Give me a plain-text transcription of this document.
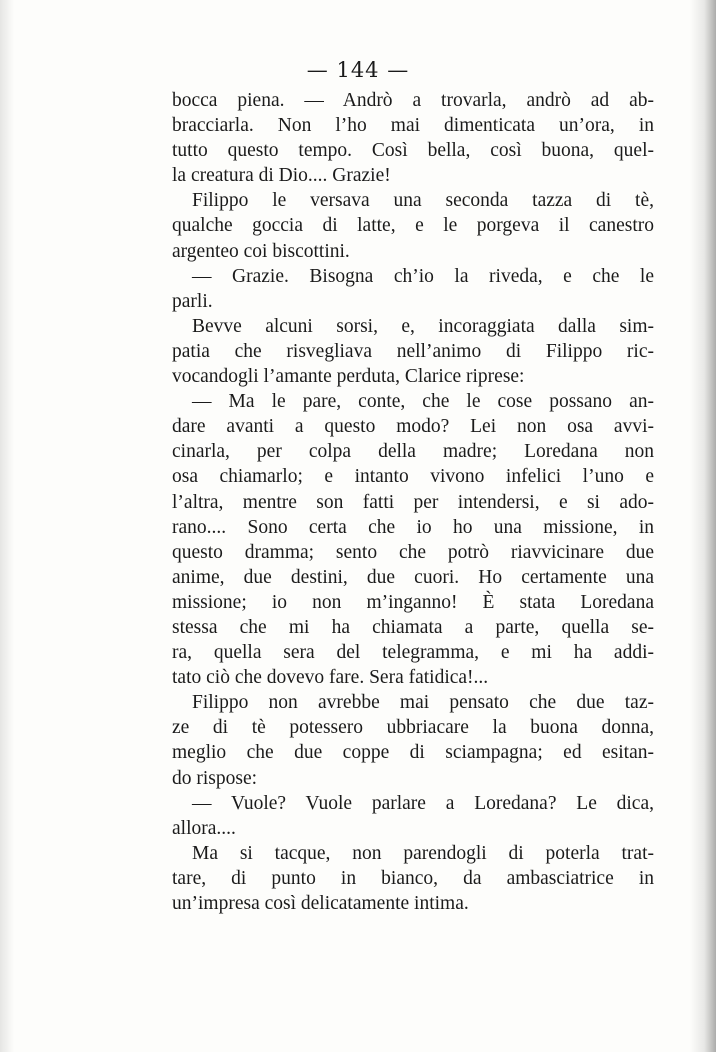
— 144 —
bocca piena. — Andrò a trovarla, andrò ad ab-
bracciarla. Non l’ho mai dimenticata un’ora, in
tutto questo tempo. Così bella, così buona, quel-
la creatura di Dio.... Grazie!
Filippo le versava una seconda tazza di tè,
qualche goccia di latte, e le porgeva il canestro
argenteo coi biscottini.
— Grazie. Bisogna ch’io la riveda, e che le
parli.
Bevve alcuni sorsi, e, incoraggiata dalla sim-
patia che risvegliava nell’animo di Filippo ric-
vocandogli l’amante perduta, Clarice riprese:
— Ma le pare, conte, che le cose possano an-
dare avanti a questo modo? Lei non osa avvi-
cinarla, per colpa della madre; Loredana non
osa chiamarlo; e intanto vivono infelici l’uno e
l’altra, mentre son fatti per intendersi, e si ado-
rano.... Sono certa che io ho una missione, in
questo dramma; sento che potrò riavvicinare due
anime, due destini, due cuori. Ho certamente una
missione; io non m’inganno! È stata Loredana
stessa che mi ha chiamata a parte, quella se-
ra, quella sera del telegramma, e mi ha addi-
tato ciò che dovevo fare. Sera fatidica!...
Filippo non avrebbe mai pensato che due taz-
ze di tè potessero ubbriacare la buona donna,
meglio che due coppe di sciampagna; ed esitan-
do rispose:
— Vuole? Vuole parlare a Loredana? Le dica,
allora....
Ma si tacque, non parendogli di poterla trat-
tare, di punto in bianco, da ambasciatrice in
un’impresa così delicatamente intima.
